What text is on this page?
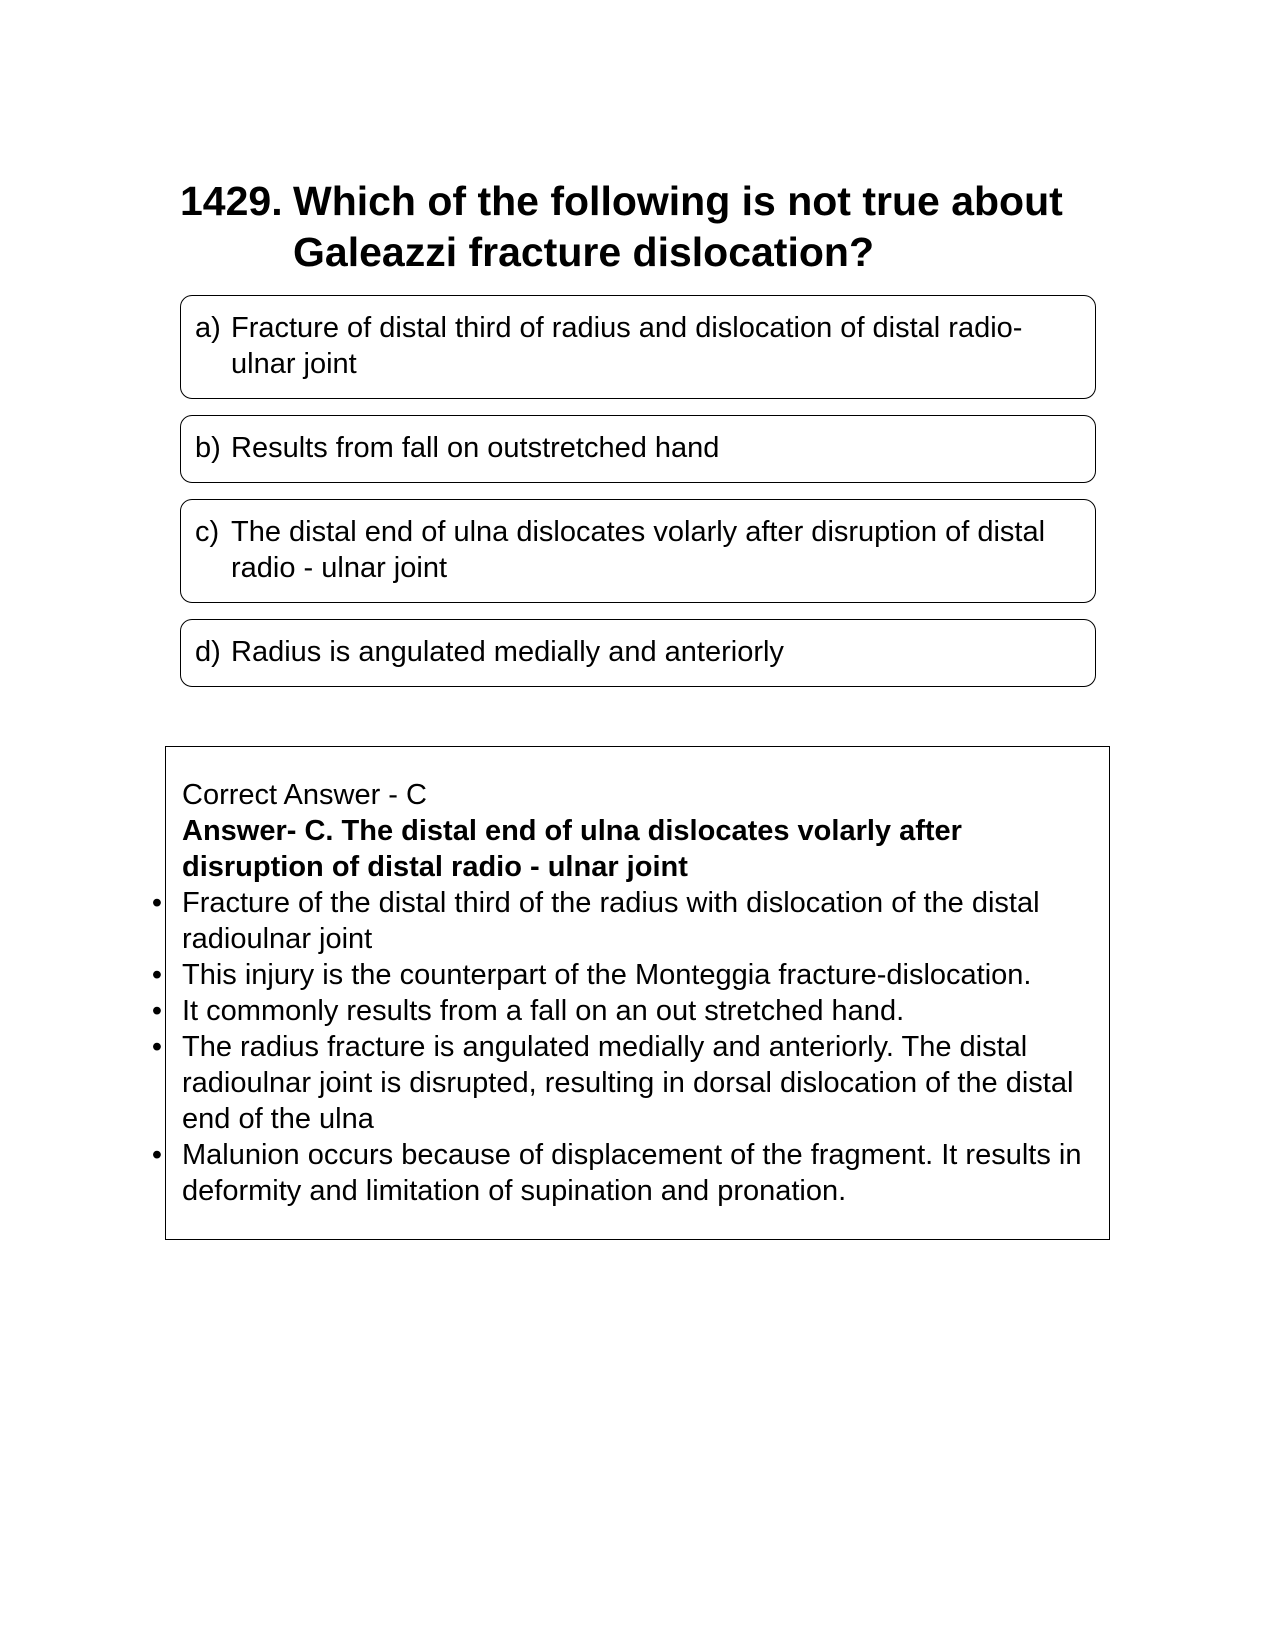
1429. Which of the following is not true about Galeazzi fracture dislocation?
a) Fracture of distal third of radius and dislocation of distal radio-ulnar joint
b) Results from fall on outstretched hand
c) The distal end of ulna dislocates volarly after disruption of distal radio - ulnar joint
d) Radius is angulated medially and anteriorly

Correct Answer - C

Answer- C. The distal end of ulna dislocates volarly after disruption of distal radio - ulnar joint

• Fracture of the distal third of the radius with dislocation of the distal radioulnar joint
• This injury is the counterpart of the Monteggia fracture-dislocation.
• It commonly results from a fall on an out stretched hand.
• The radius fracture is angulated medially and anteriorly. The distal radioulnar joint is disrupted, resulting in dorsal dislocation of the distal end of the ulna
• Malunion occurs because of displacement of the fragment. It results in deformity and limitation of supination and pronation.
